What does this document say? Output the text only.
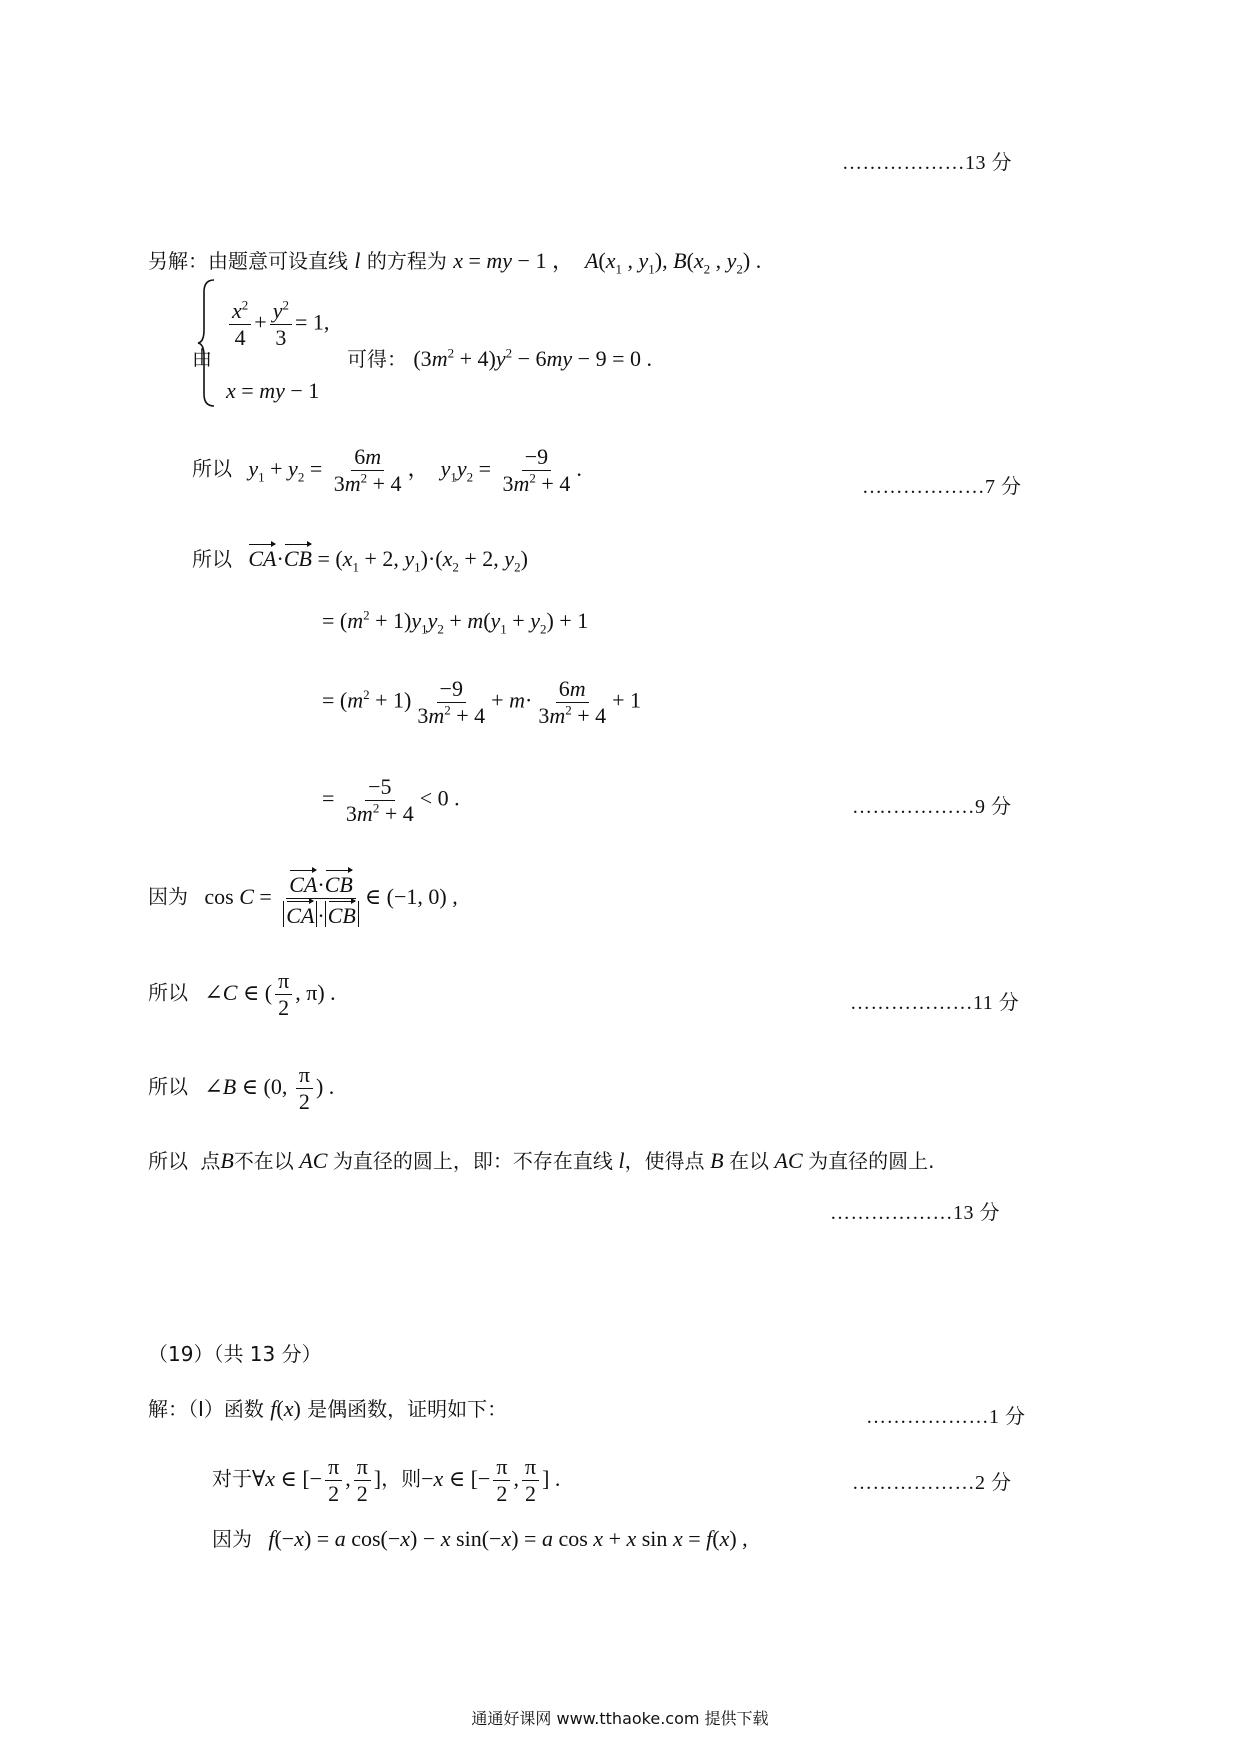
………………13 分
另解：由题意可设直线 l 的方程为 x = my − 1 ，  $A(x_1$ , $y_1$), $B(x_2$ , $y_2$) .
由
$\frac{x^2}{4} + \frac{y^2}{3} = 1$,
x = my − 1
可得： $(3m^2 + 4)y^2 - 6my - 9 = 0$ .
所以 $y_1 + y_2 = \frac{6m}{3m^2 + 4}$ ，  $y_1y_2 = \frac{-9}{3m^2 + 4}$ .
………………7 分
所以 $CA\cdot CB = (x_1 + 2$, $y_1)\cdot(x_2 + 2$, $y_2$)
= $(m^2 + 1)y_1y_2 + m(y_1 + y_2) + 1$
= $(m^2 + 1) \frac{-9}{3m^2 + 4} + m\cdot \frac{6m}{3m^2 + 4} + 1$
= $\frac{-5}{3m^2 + 4} < 0$ .	………………9 分
因为 $\cos C = \frac{CA\cdot CB}{CA \cdot CB}$ ∈ (−1, 0) ,
所以 ∠C ∈ ( $\frac{\pi}{2}$ , π) .	………………11 分
所以 ∠B ∈ (0, $\frac{\pi}{2}$ ) .
所以 点B不在以 AC 为直径的圆上，即：不存在直线 l，使得点 B 在以 AC 为直径的圆上.
………………13 分
（19）（共 13 分）
解：（Ⅰ）函数 f(x) 是偶函数，证明如下：	………………1 分
对于∀x ∈ [− $\frac{\pi}{2}$ , $\frac{\pi}{2}$ ]，则−x ∈ [− $\frac{\pi}{2}$ , $\frac{\pi}{2}$ ] .	………………2 分
因为 f(−x) = a cos(−x) − x sin(−x) = a cos x + x sin x = f(x) ,
通通好课网 www.tthaoke.com 提供下载
